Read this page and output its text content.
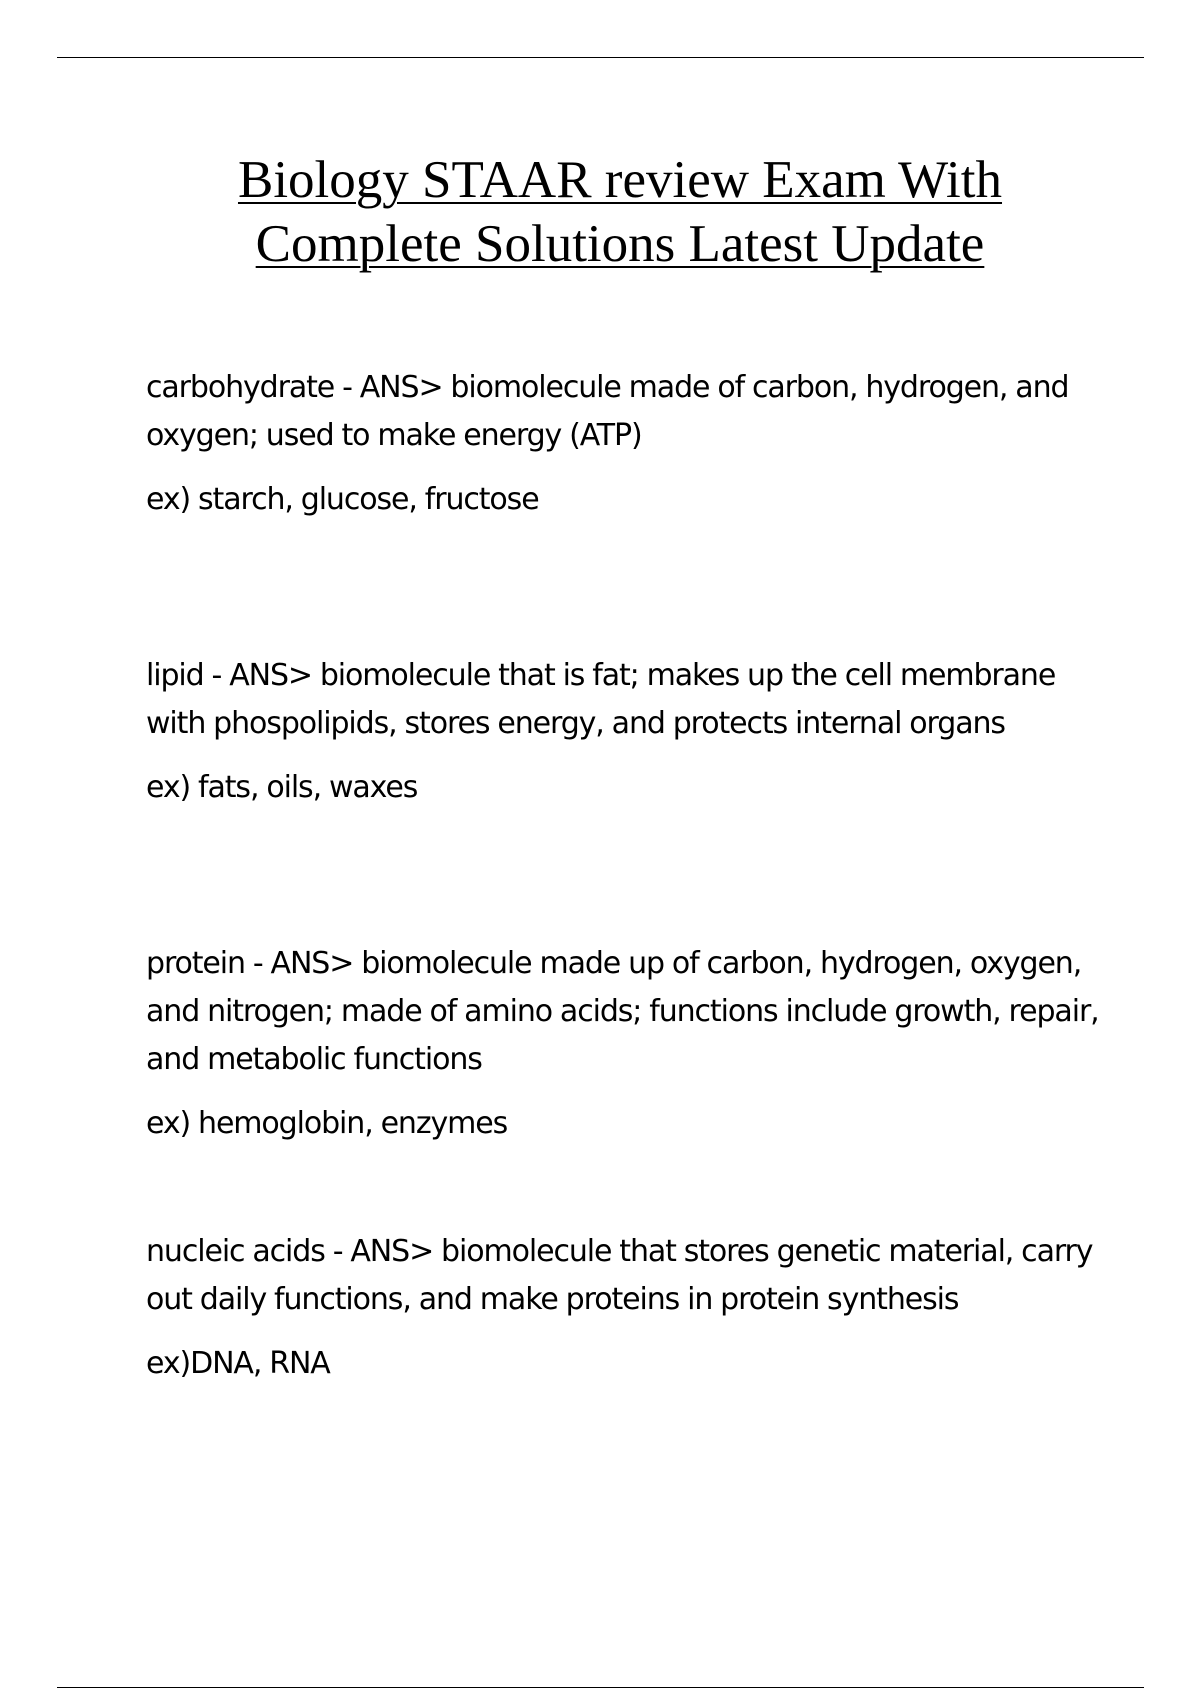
Biology STAAR review Exam With
Complete Solutions Latest Update

carbohydrate - ANS> biomolecule made of carbon, hydrogen, and oxygen; used to make energy (ATP)

ex) starch, glucose, fructose

lipid - ANS> biomolecule that is fat; makes up the cell membrane with phospolipids, stores energy, and protects internal organs

ex) fats, oils, waxes

protein - ANS> biomolecule made up of carbon, hydrogen, oxygen, and nitrogen; made of amino acids; functions include growth, repair, and metabolic functions

ex) hemoglobin, enzymes

nucleic acids - ANS> biomolecule that stores genetic material, carry out daily functions, and make proteins in protein synthesis

ex)DNA, RNA
